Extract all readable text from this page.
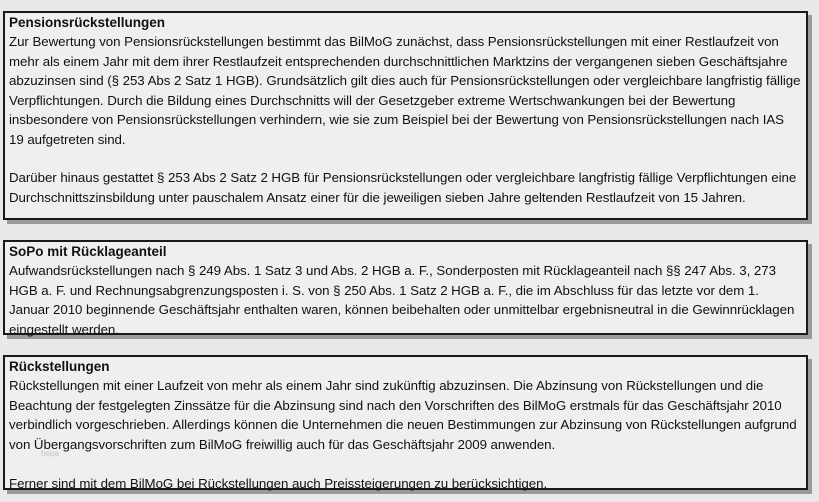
Pensionsrückstellungen

Zur Bewertung von Pensionsrückstellungen bestimmt das BilMoG zunächst, dass Pensionsrückstellungen mit einer Restlaufzeit von mehr als einem Jahr mit dem ihrer Restlaufzeit entsprechenden durchschnittlichen Marktzins der vergangenen sieben Geschäftsjahre abzuzinsen sind (§ 253 Abs 2 Satz 1 HGB). Grundsätzlich gilt dies auch für Pensionsrückstellungen oder vergleichbare langfristig fällige Verpflichtungen. Durch die Bildung eines Durchschnitts will der Gesetzgeber extreme Wertschwankungen bei der Bewertung insbesondere von Pensionsrückstellungen verhindern, wie sie zum Beispiel bei der Bewertung von Pensionsrückstellungen nach IAS 19 aufgetreten sind.

Darüber hinaus gestattet § 253 Abs 2 Satz 2 HGB für Pensionsrückstellungen oder vergleichbare langfristig fällige Verpflichtungen eine Durchschnittszinsbildung unter pauschalem Ansatz einer für die jeweiligen sieben Jahre geltenden Restlaufzeit von 15 Jahren.

SoPo mit Rücklageanteil

Aufwandsrückstellungen nach § 249 Abs. 1 Satz 3 und Abs. 2 HGB a. F., Sonderposten mit Rücklageanteil nach §§ 247 Abs. 3, 273 HGB a. F. und Rechnungsabgrenzungsposten i. S. von § 250 Abs. 1 Satz 2 HGB a. F., die im Abschluss für das letzte vor dem 1. Januar 2010 beginnende Geschäftsjahr enthalten waren, können beibehalten oder unmittelbar ergebnisneutral in die Gewinnrücklagen eingestellt werden.

Rückstellungen

Rückstellungen mit einer Laufzeit von mehr als einem Jahr sind zukünftig abzuzinsen. Die Abzinsung von Rückstellungen und die Beachtung der festgelegten Zinssätze für die Abzinsung sind nach den Vorschriften des BilMoG erstmals für das Geschäftsjahr 2010 verbindlich vorgeschrieben. Allerdings können die Unternehmen die neuen Bestimmungen zur Abzinsung von Rückstellungen aufgrund von Übergangsvorschriften zum BilMoG freiwillig auch für das Geschäftsjahr 2009 anwenden.

Ferner sind mit dem BilMoG bei Rückstellungen auch Preissteigerungen zu berücksichtigen.

hepa
